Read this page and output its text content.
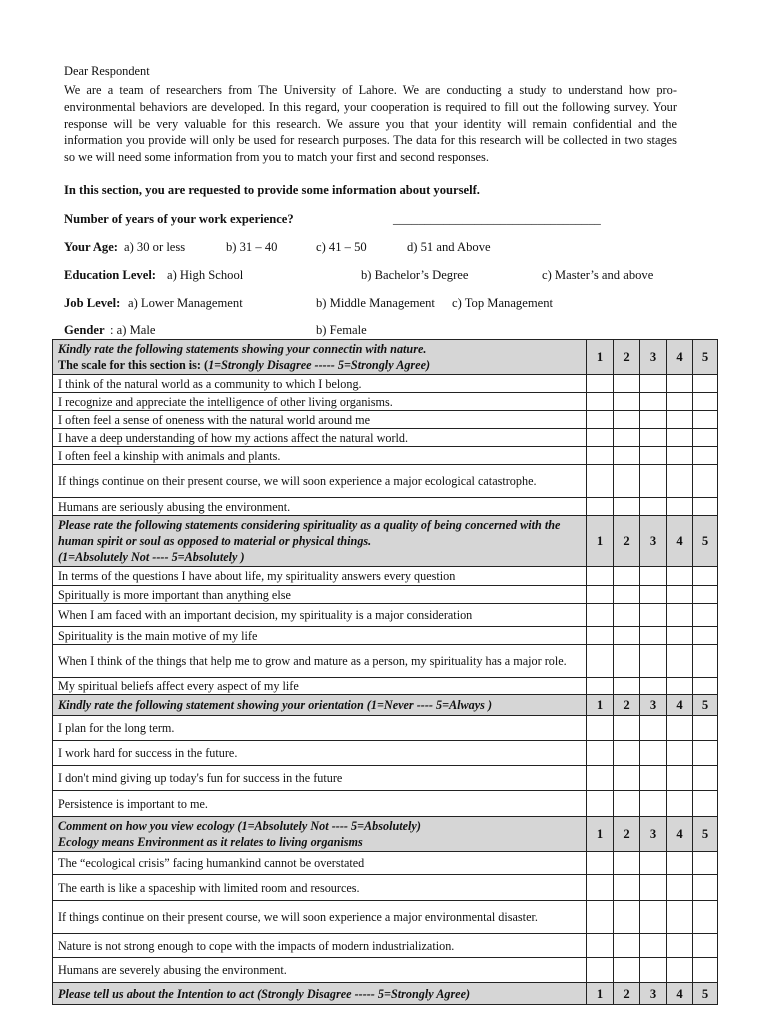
Dear Respondent

We are a team of researchers from The University of Lahore. We are conducting a study to understand how pro-environmental behaviors are developed. In this regard, your cooperation is required to fill out the following survey. Your response will be very valuable for this research. We assure you that your identity will remain confidential and the information you provide will only be used for research purposes. The data for this research will be collected in two stages so we will need some information from you to match your first and second responses.

In this section, you are requested to provide some information about yourself.
Number of years of your work experience?	_________________________________
Your Age: a) 30 or less	b) 31 – 40	c) 41 – 50	d) 51 and Above
Education Level: a) High School	b) Bachelor’s Degree	c) Master’s and above
Job Level: a) Lower Management	b) Middle Management c) Top Management
Gender : a) Male	b) Female
Kindly rate the following statements showing your connectin with nature.
The scale for this section is: (1=Strongly Disagree ----- 5=Strongly Agree)	1	2	3	4	5
I think of the natural world as a community to which I belong.					
I recognize and appreciate the intelligence of other living organisms.					
I often feel a sense of oneness with the natural world around me					
I have a deep understanding of how my actions affect the natural world.					
I often feel a kinship with animals and plants.					
If things continue on their present course, we will soon experience a major ecological catastrophe.					
Humans are seriously abusing the environment.					

Please rate the following statements considering spirituality as a quality of being concerned with the human spirit or soul as opposed to material or physical things.
(1=Absolutely Not ---- 5=Absolutely )	1	2	3	4	5
In terms of the questions I have about life, my spirituality answers every question					
Spiritually is more important than anything else					
When I am faced with an important decision, my spirituality is a major consideration					
Spirituality is the main motive of my life					
When I think of the things that help me to grow and mature as a person, my spirituality has a major role.					
My spiritual beliefs affect every aspect of my life					
Kindly rate the following statement showing your orientation (1=Never ---- 5=Always )	1	2	3	4	5
I plan for the long term.					
I work hard for success in the future.					
I don't mind giving up today's fun for success in the future					
Persistence is important to me.					

Comment on how you view ecology (1=Absolutely Not ---- 5=Absolutely)
Ecology means Environment as it relates to living organisms	1	2	3	4	5
The “ecological crisis” facing humankind cannot be overstated					
The earth is like a spaceship with limited room and resources.					
If things continue on their present course, we will soon experience a major environmental disaster.					
Nature is not strong enough to cope with the impacts of modern industrialization.					
Humans are severely abusing the environment.					
Please tell us about the Intention to act (Strongly Disagree ----- 5=Strongly Agree)	1	2	3	4	5
